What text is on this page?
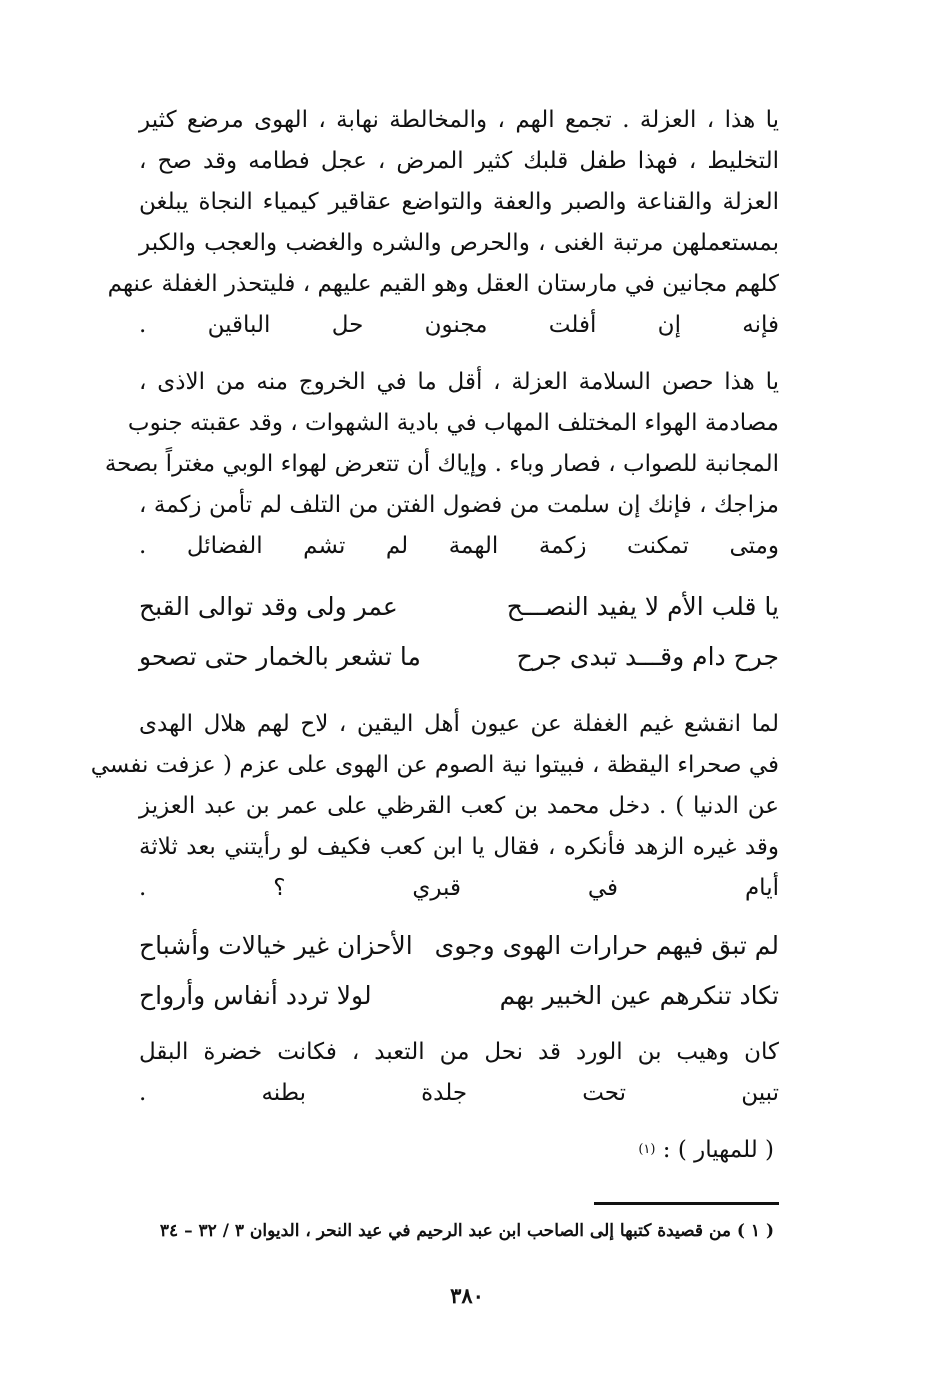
يا هذا ، العزلة . تجمع الهم ، والمخالطة نهابة ، الهوى مرضع كثير
التخليط ، فهذا طفل قلبك كثير المرض ، عجل فطامه وقد صح ،
العزلة والقناعة والصبر والعفة والتواضع عقاقير كيمياء النجاة يبلغن
بمستعملهن مرتبة الغنى ، والحرص والشره والغضب والعجب والكبر
كلهم مجانين في مارستان العقل وهو القيم عليهم ، فليتحذر الغفلة عنهم
فإنه إن أفلت مجنون حل الباقين .
يا هذا حصن السلامة العزلة ، أقل ما في الخروج منه من الاذى ،
مصادمة الهواء المختلف المهاب في بادية الشهوات ، وقد عقبته جنوب
المجانبة للصواب ، فصار وباء . وإياك أن تتعرض لهواء الوبي مغتراً بصحة
مزاجك ، فإنك إن سلمت من فضول الفتن من التلف لم تأمن زكمة ،
ومتى تمكنت زكمة الهمة لم تشم الفضائل .
يا قلب الأم لا يفيد النصـــح
عمر ولى وقد توالى القبح
جرح دام وقـــد تبدى جرح
ما تشعر بالخمار حتى تصحو
لما انقشع غيم الغفلة عن عيون أهل اليقين ، لاح لهم هلال الهدى
في صحراء اليقظة ، فبيتوا نية الصوم عن الهوى على عزم ( عزفت نفسي
عن الدنيا ) . دخل محمد بن كعب القرظي على عمر بن عبد العزيز
وقد غيره الزهد فأنكره ، فقال يا ابن كعب فكيف لو رأيتني بعد ثلاثة
أيام في قبري ؟ .
لم تبق فيهم حرارات الهوى وجوى
الأحزان غير خيالات وأشباح
تكاد تنكرهم عين الخبير بهم
لولا تردد أنفاس وأرواح
كان وهيب بن الورد قد نحل من التعبد ، فكانت خضرة البقل
تبين تحت جلدة بطنه .
( للمهيار ) : $^{(١)}$
( ١ ) من قصيدة كتبها إلى الصاحب ابن عبد الرحيم في عيد النحر ، الديوان ٣ / ٣٢ – ٣٤
٣٨٠
